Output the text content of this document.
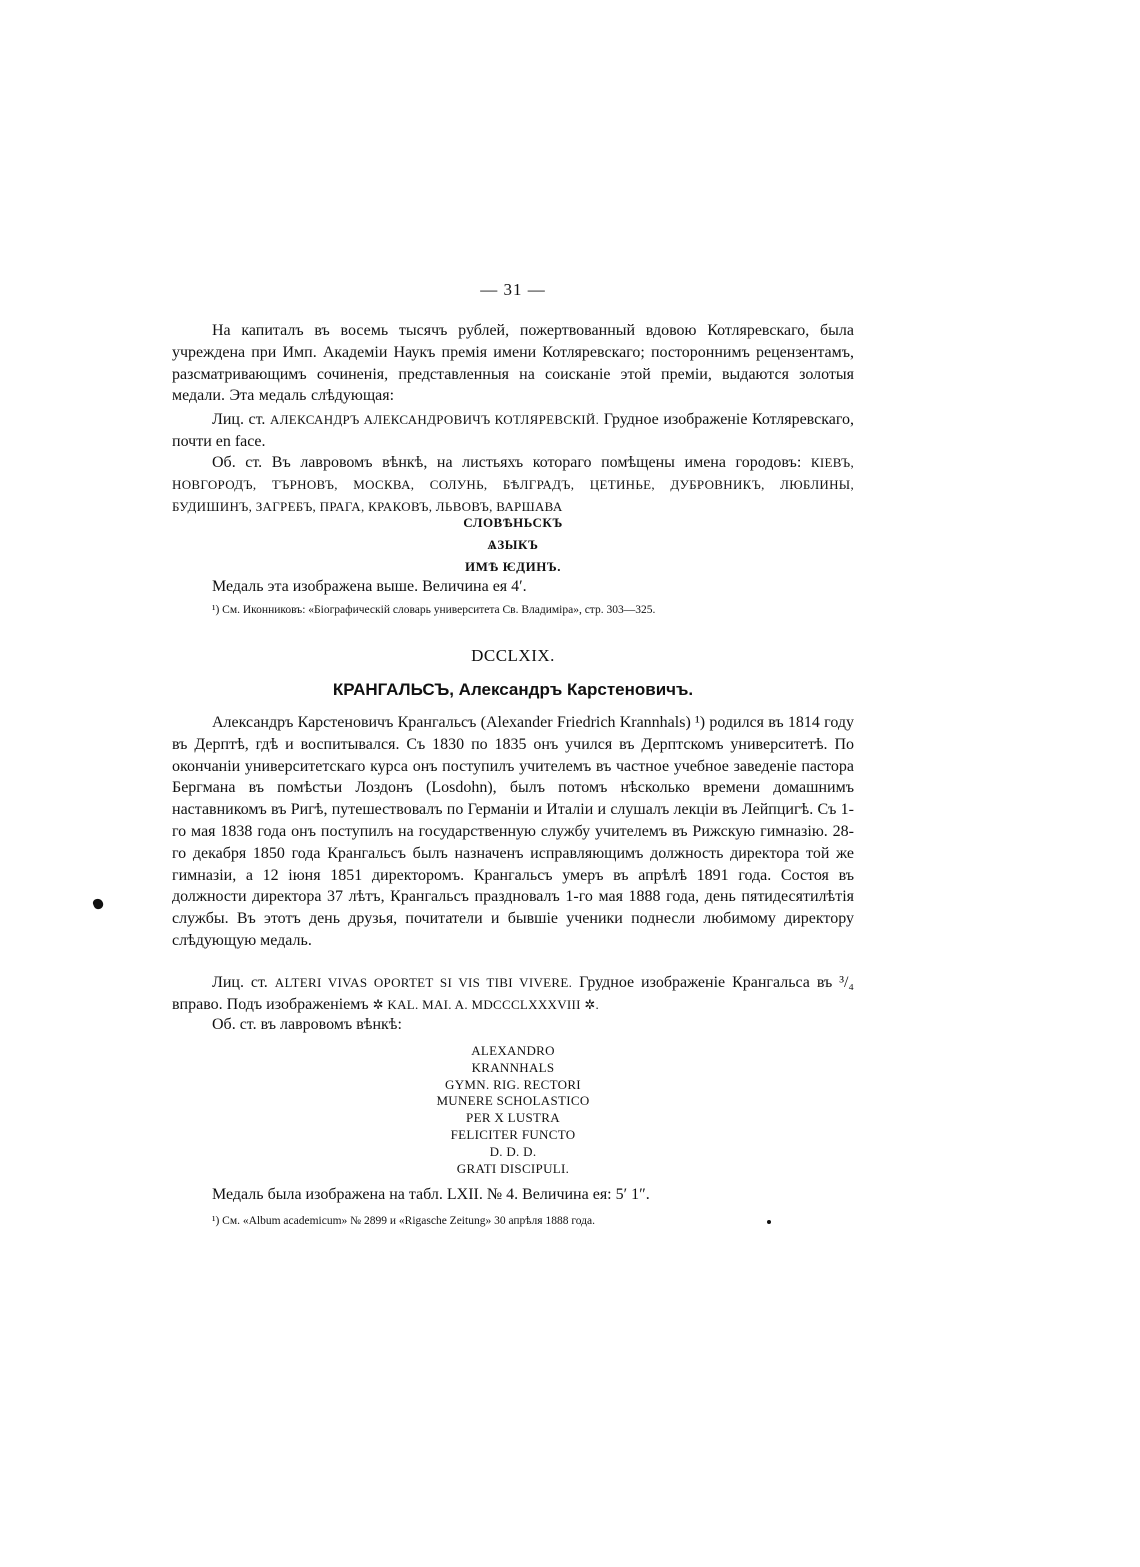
— 31 —

На капиталъ въ восемь тысячъ рублей, пожертвованный вдовою Котляревскаго, была учреждена при Имп. Академіи Наукъ премія имени Котляревскаго; постороннимъ рецензентамъ, разсматривающимъ сочиненія, представленныя на соисканіе этой преміи, выдаются золотыя медали. Эта медаль слѣдующая:

Лиц. ст. АЛЕКСАНДРЪ АЛЕКСАНДРОВИЧЪ КОТЛЯРЕВСКІЙ. Грудное изображеніе Котляревскаго, почти en face.

Об. ст. Въ лавровомъ вѣнкѣ, на листьяхъ котораго помѣщены имена городовъ: КІЕВЪ, НОВГОРОДЪ, ТЪРНОВЪ, МОСКВА, СОЛУНЬ, БѢЛГРАДЪ, ЦЕТИНЬЕ, ДУБРОВНИКЪ, ЛЮБЛИНЫ, БУДИШИНЪ, ЗАГРЕБЪ, ПРАГА, КРАКОВЪ, ЛЬВОВЪ, ВАРШАВА

СЛОВѢНЬСКЪ
ѦЗЫКЪ
ИМѢ ѤДИНЪ.
Медаль эта изображена выше. Величина ея 4′.
¹) См. Иконниковъ: «Біографическій словарь университета Св. Владиміра», стр. 303—325.
DCCLXIX.
КРАНГАЛЬСЪ, Александръ Карстеновичъ.

Александръ Карстеновичъ Крангальсъ (Alexander Friedrich Krannhals) ¹) родился въ 1814 году въ Дерптѣ, гдѣ и воспитывался. Съ 1830 по 1835 онъ учился въ Дерптскомъ университетѣ. По окончаніи университетскаго курса онъ поступилъ учителемъ въ частное учебное заведеніе пастора Бергмана въ помѣстьи Лоздонъ (Losdohn), былъ потомъ нѣсколько времени домашнимъ наставникомъ въ Ригѣ, путешествовалъ по Германіи и Италіи и слушалъ лекціи въ Лейпцигѣ. Съ 1-го мая 1838 года онъ поступилъ на государственную службу учителемъ въ Рижскую гимназію. 28-го декабря 1850 года Крангальсъ былъ назначенъ исправляющимъ должность директора той же гимназіи, а 12 іюня 1851 директоромъ. Крангальсъ умеръ въ апрѣлѣ 1891 года. Состоя въ должности директора 37 лѣтъ, Крангальсъ праздновалъ 1-го мая 1888 года, день пятидесятилѣтія службы. Въ этотъ день друзья, почитатели и бывшіе ученики поднесли любимому директору слѣдующую медаль.

Лиц. ст. ALTERI VIVAS OPORTET SI VIS TIBI VIVERE. Грудное изображеніе Крангальса въ ³/₄ вправо. Подъ изображеніемъ ✲ KAL. MAI. A. MDCCCLXXXVIII ✲.

Об. ст. въ лавровомъ вѣнкѣ:
ALEXANDRO
KRANNHALS
GYMN. RIG. RECTORI
MUNERE SCHOLASTICO
PER X LUSTRA
FELICITER FUNCTO
D. D. D.
GRATI DISCIPULI.
Медаль была изображена на табл. LXII. № 4. Величина ея: 5′ 1″.
¹) См. «Album academicum» № 2899 и «Rigasche Zeitung» 30 апрѣля 1888 года.
